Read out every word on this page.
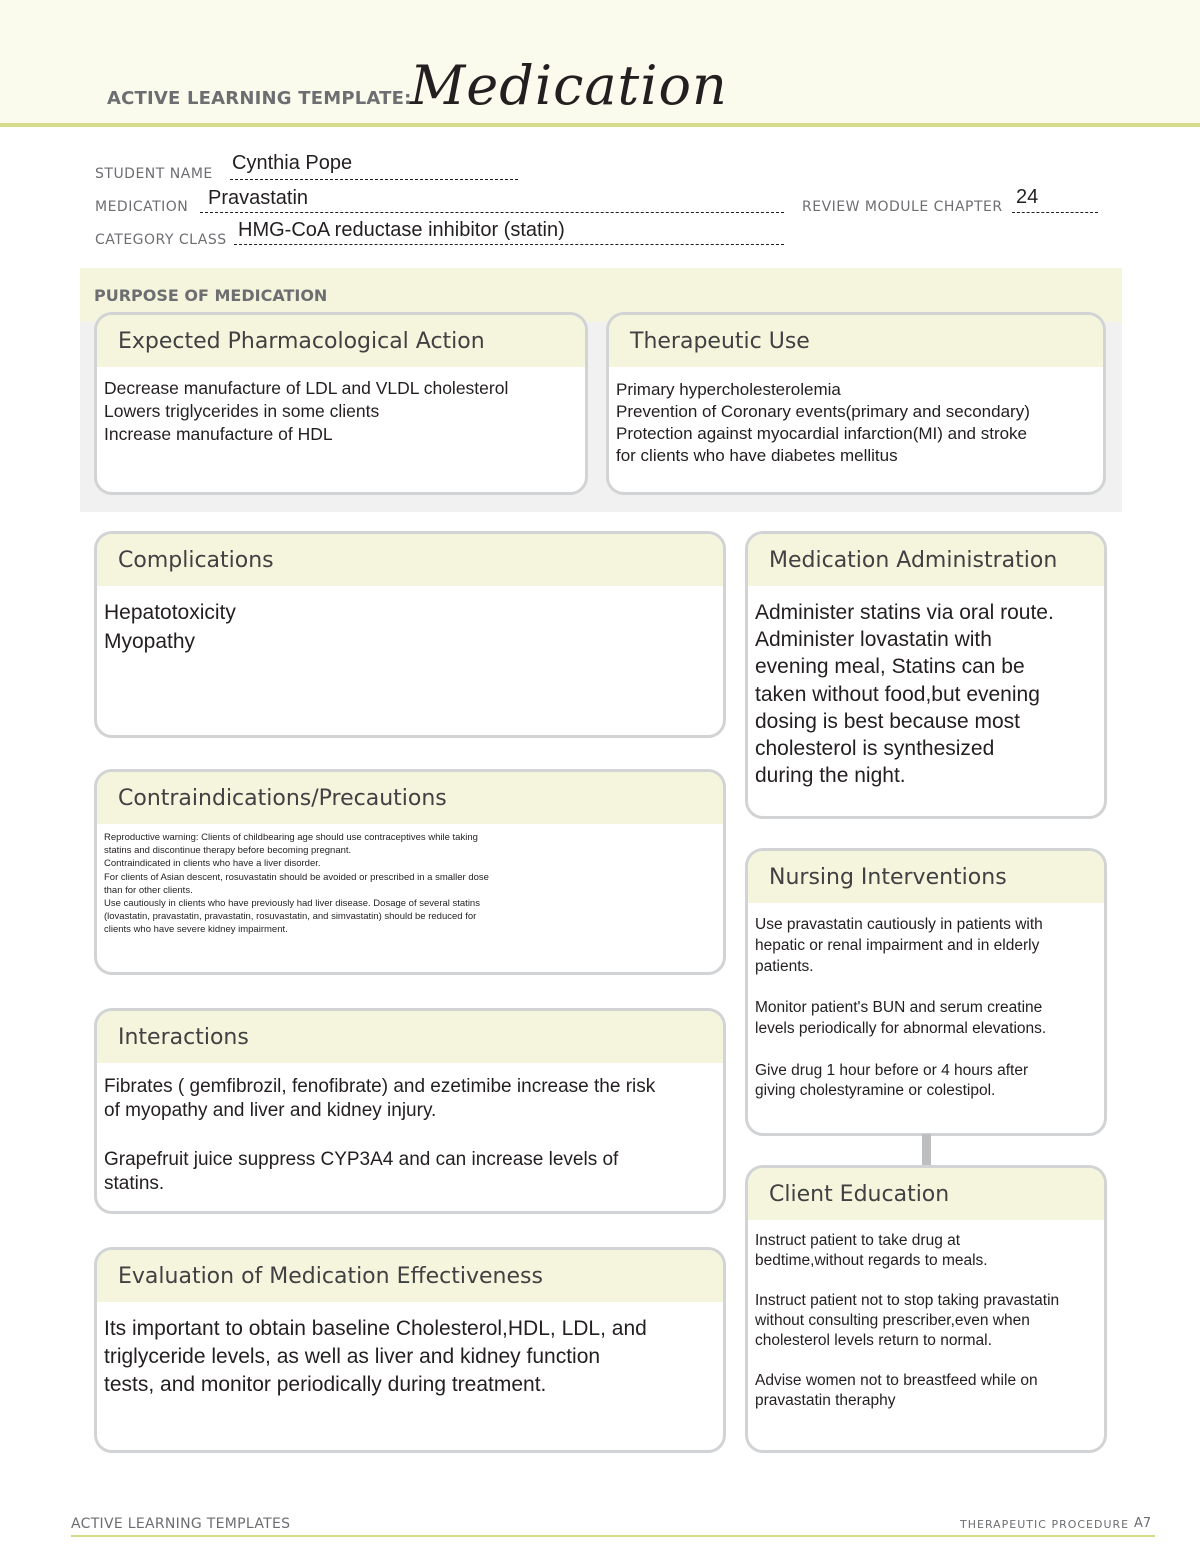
ACTIVE LEARNING TEMPLATE:
Medication
STUDENT NAME Cynthia Pope
MEDICATION Pravastatin	REVIEW MODULE CHAPTER 24
CATEGORY CLASS HMG-CoA reductase inhibitor (statin)
PURPOSE OF MEDICATION
Expected Pharmacological Action

Decrease manufacture of LDL and VLDL cholesterol
Lowers triglycerides in some clients
Increase manufacture of HDL

Therapeutic Use

Primary hypercholesterolemia
Prevention of Coronary events(primary and secondary)
Protection against myocardial infarction(MI) and stroke
for clients who have diabetes mellitus

Complications

Hepatotoxicity
Myopathy

Contraindications/Precautions

Reproductive warning: Clients of childbearing age should use contraceptives while taking
statins and discontinue therapy before becoming pregnant.
Contraindicated in clients who have a liver disorder.
For clients of Asian descent, rosuvastatin should be avoided or prescribed in a smaller dose
than for other clients.
Use cautiously in clients who have previously had liver disease. Dosage of several statins
(lovastatin, pravastatin, pravastatin, rosuvastatin, and simvastatin) should be reduced for
clients who have severe kidney impairment.

Interactions

Fibrates ( gemfibrozil, fenofibrate) and ezetimibe increase the risk
of myopathy and liver and kidney injury.

Grapefruit juice suppress CYP3A4 and can increase levels of
statins.

Evaluation of Medication Effectiveness

Its important to obtain baseline Cholesterol,HDL, LDL, and
triglyceride levels, as well as liver and kidney function
tests, and monitor periodically during treatment.

Medication Administration

Administer statins via oral route.
Administer lovastatin with
evening meal, Statins can be
taken without food,but evening
dosing is best because most
cholesterol is synthesized
during the night.

Nursing Interventions

Use pravastatin cautiously in patients with
hepatic or renal impairment and in elderly
patients.

Monitor patient's BUN and serum creatine
levels periodically for abnormal elevations.

Give drug 1 hour before or 4 hours after
giving cholestyramine or colestipol.

Client Education

Instruct patient to take drug at
bedtime,without regards to meals.

Instruct patient not to stop taking pravastatin
without consulting prescriber,even when
cholesterol levels return to normal.

Advise women not to breastfeed while on
pravastatin theraphy

ACTIVE LEARNING TEMPLATES	THERAPEUTIC PROCEDURE A7
